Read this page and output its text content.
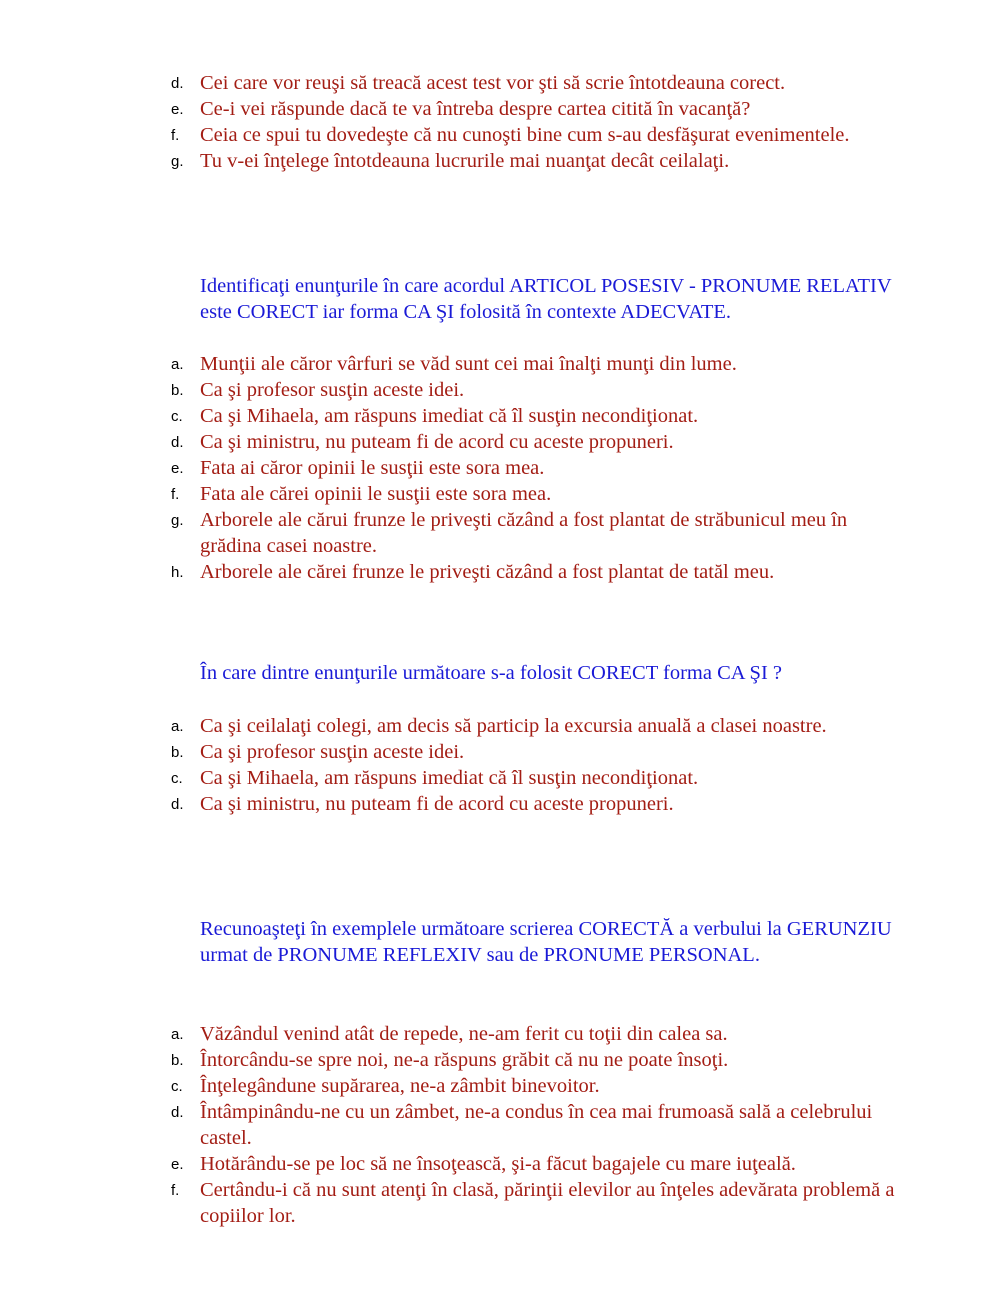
d. Cei care vor reuşi să treacă acest test vor şti să scrie întotdeauna corect.
e. Ce-i vei răspunde dacă te va întreba despre cartea citită în vacanţă?
f. Ceia ce spui tu dovedeşte că nu cunoşti bine cum s-au desfăşurat evenimentele.
g. Tu v-ei înţelege întotdeauna lucrurile mai nuanţat decât ceilalaţi.
Identificaţi enunţurile în care acordul ARTICOL POSESIV - PRONUME RELATIV este CORECT iar forma CA ŞI folosită în contexte ADECVATE.
a. Munţii ale căror vârfuri se văd sunt cei mai înalţi munţi din lume.
b. Ca şi profesor susţin aceste idei.
c. Ca şi Mihaela, am răspuns imediat că îl susţin necondiţionat.
d. Ca şi ministru, nu puteam fi de acord cu aceste propuneri.
e. Fata ai căror opinii le susţii este sora mea.
f. Fata ale cărei opinii le susţii este sora mea.
g. Arborele ale cărui frunze le priveşti căzând a fost plantat de străbunicul meu în grădina casei noastre.
h. Arborele ale cărei frunze le priveşti căzând a fost plantat de tatăl meu.
În care dintre enunţurile următoare s-a folosit CORECT forma CA ŞI ?
a. Ca şi ceilalaţi colegi, am decis să particip la excursia anuală a clasei noastre.
b. Ca şi profesor susţin aceste idei.
c. Ca şi Mihaela, am răspuns imediat că îl susţin necondiţionat.
d. Ca şi ministru, nu puteam fi de acord cu aceste propuneri.
Recunoaşteţi în exemplele următoare scrierea CORECTĂ a verbului la GERUNZIU urmat de PRONUME REFLEXIV sau de PRONUME PERSONAL.
a. Văzândul venind atât de repede, ne-am ferit cu toţii din calea sa.
b. Întorcându-se spre noi, ne-a răspuns grăbit că nu ne poate însoţi.
c. Înţelegândune supărarea, ne-a zâmbit binevoitor.
d. Întâmpinându-ne cu un zâmbet, ne-a condus în cea mai frumoasă sală a celebrului castel.
e. Hotărându-se pe loc să ne însoţească, şi-a făcut bagajele cu mare iuţeală.
f. Certându-i că nu sunt atenţi în clasă, părinţii elevilor au înţeles adevărata problemă a copiilor lor.
